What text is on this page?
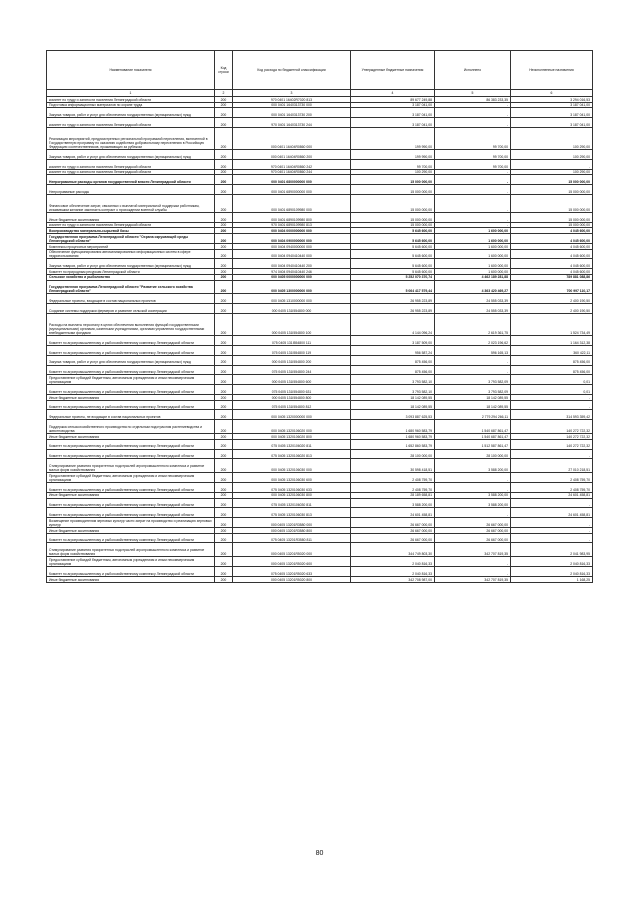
Наименование показателя	Код строки	Код расхода по бюджетной классификации	Утвержденные бюджетные назначения	Исполнено	Неисполненные назначения
1	2	3	4	5	6
комитет по труду и занятости населения Ленинградской области	200	970 0401 16402R7020 813	89 677 249,88	86 383 233,35	3 294 016,53
Подготовка информационных материалов по охране труда	200	000 0401 1640313730 000	3 187 041,00	-	3 187 041,00
Закупка товаров, работ и услуг для обеспечения государственных (муниципальных) нужд	200	000 0401 1640313730 200	3 187 041,00	-	3 187 041,00
комитет по труду и занятости населения Ленинградской области	200	970 0401 1640313730 244	3 187 041,00	-	3 187 041,00
Реализация мероприятий, предусмотренных региональной программой переселения, включенной в Государственную программу по оказанию содействия добровольному переселению в Российскую Федерацию соотечественников, проживающих за рубежом	200	000 0401 16404R0860 000	199 990,00	99 700,00	100 290,00
Закупка товаров, работ и услуг для обеспечения государственных (муниципальных) нужд	200	000 0401 16404R0860 200	199 990,00	99 700,00	100 290,00
комитет по труду и занятости населения Ленинградской области	200	970 0401 16404R0860 242	99 700,00	99 700,00	-
комитет по труду и занятости населения Ленинградской области	200	970 0401 16404R0860 244	100 290,00	-	100 290,00
Непрограммные расходы органов государственной власти Ленинградской области	200	000 0401 6800000000 000	15 000 000,00	-	15 000 000,00
Непрограммные расходы	200	000 0401 6890000000 000	15 000 000,00	-	15 000 000,00
Финансовое обеспечение затрат, связанных с выплатой материальной поддержки работникам, изъявившим желание заключить контракт о прохождении военной службы	200	000 0401 6890109980 000	15 000 000,00	-	15 000 000,00
Иные бюджетные ассигнования	200	000 0401 6890109980 800	15 000 000,00	-	15 000 000,00
комитет по труду и занятости населения Ленинградской области	200	970 0401 6890109980 813	15 000 000,00	-	15 000 000,00
Воспроизводство минерально-сырьевой базы	200	000 0404 0000000000 000	5 645 600,00	1 600 000,00	4 045 600,00
Государственная программа Ленинградской области "Охрана окружающей среды Ленинградской области"	200	000 0404 0900000000 000	5 645 600,00	1 600 000,00	4 045 600,00
Комплексы процессных мероприятий	200	000 0404 0940000000 000	5 645 600,00	1 600 000,00	4 045 600,00
Обеспечение функционирования автоматизированных информационных систем в сфере недропользования	200	000 0404 0940410440 000	5 645 600,00	1 600 000,00	4 045 600,00
Закупка товаров, работ и услуг для обеспечения государственных (муниципальных) нужд	200	000 0404 0940410440 200	5 645 600,00	1 600 000,00	4 045 600,00
Комитет по природным ресурсам Ленинградской области	200	974 0404 0940410440 246	5 645 600,00	1 600 000,00	4 045 600,00
Сельское хозяйство и рыболовство	200	000 0405 0000000000 000	5 252 070 370,74	4 462 189 281,88	789 881 088,86
Государственная программа Ленинградской области "Развитие сельского хозяйства Ленинградской области"	200	000 0405 1300000000 000	5 064 417 579,44	4 363 420 469,27	700 997 110,17
Федеральные проекты, входящие в состав национальных проектов	200	000 0405 1310000000 000	26 955 223,89	24 555 033,39	2 400 190,50
Создание системы поддержки фермеров и развитие сельской кооперации	200	000 0405 131I554800 000	26 955 223,89	24 555 033,39	2 400 190,50
Расходы на выплаты персоналу в целях обеспечения выполнения функций государственными (муниципальными) органами, казенными учреждениями, органами управления государственными внебюджетными фондами	200	000 0405 131I554800 100	4 144 096,24	2 619 361,75	1 524 734,49
Комитет по агропромышленному и рыбохозяйственному комплексу Ленинградской области	200	075 0405 131I554800 111	3 187 509,00	2 023 196,62	1 164 312,38
Комитет по агропромышленному и рыбохозяйственному комплексу Ленинградской области	200	075 0405 131I554800 119	956 587,24	596 165,13	360 422,11
Закупка товаров, работ и услуг для обеспечения государственных (муниципальных) нужд	200	000 0405 131I554800 200	875 456,00	-	875 456,00
Комитет по агропромышленному и рыбохозяйственному комплексу Ленинградской области	200	075 0405 131I554800 244	875 456,00	-	875 456,00
Предоставление субсидий бюджетным, автономным учреждениям и иным некоммерческим организациям	200	000 0405 131I554800 600	3 793 582,10	3 793 582,09	0,01
Комитет по агропромышленному и рыбохозяйственному комплексу Ленинградской области	200	075 0405 131I554800 631	3 793 582,10	3 793 582,09	0,01
Иные бюджетные ассигнования	200	000 0405 131I554800 800	18 142 089,55	18 142 089,55	-
Комитет по агропромышленному и рыбохозяйственному комплексу Ленинградской области	200	075 0405 131I554800 812	18 142 089,55	18 142 089,55	-
Федеральные проекты, не входящие в состав национальных проектов	200	000 0405 1320000000 000	3 093 887 625,53	2 779 294 266,11	314 593 359,42
Поддержка сельскохозяйственного производства по отдельным подотраслям растениеводства и животноводства	200	000 0405 1320106020 000	1 680 960 583,79	1 540 687 861,47	140 272 722,32
Иные бюджетные ассигнования	200	000 0405 1320106020 800	1 680 960 583,79	1 540 687 861,47	140 272 722,32
Комитет по агропромышленному и рыбохозяйственному комплексу Ленинградской области	200	075 0405 1320106020 811	1 652 860 583,79	1 512 587 861,47	140 272 722,32
Комитет по агропромышленному и рыбохозяйственному комплексу Ленинградской области	200	075 0405 1320106020 813	28 100 000,00	28 100 000,00	-
Стимулирование развития приоритетных подотраслей агропромышленного комплекса и развитие малых форм хозяйствования	200	000 0405 1320106030 000	30 598 418,51	3 588 200,00	27 010 218,51
Предоставление субсидий бюджетным, автономным учреждениям и иным некоммерческим организациям	200	000 0405 1320106030 600	2 408 759,70	-	2 408 759,70
Комитет по агропромышленному и рыбохозяйственному комплексу Ленинградской области	200	075 0405 1320106030 633	2 408 759,70	-	2 408 759,70
Иные бюджетные ассигнования	200	000 0405 1320106030 800	28 189 658,81	3 588 200,00	24 601 458,81
Комитет по агропромышленному и рыбохозяйственному комплексу Ленинградской области	200	075 0405 1320106030 811	3 588 200,00	3 588 200,00	-
Комитет по агропромышленному и рыбохозяйственному комплексу Ленинградской области	200	075 0405 1320106030 813	24 601 458,81	-	24 601 458,81
Возмещение производителям зерновых культур части затрат на производство и реализацию зерновых культур	200	000 0405 13201R3580 000	26 667 000,00	26 667 000,00	-
Иные бюджетные ассигнования	200	000 0405 13201R3580 800	26 667 000,00	26 667 000,00	-
Комитет по агропромышленному и рыбохозяйственному комплексу Ленинградской области	200	075 0405 13201R3580 811	26 667 000,00	26 667 000,00	-
Стимулирование развития приоритетных подотраслей агропромышленного комплекса и развитие малых форм хозяйствования	200	000 0405 13201R5020 000	344 749 803,30	342 707 819,35	2 041 983,95
Предоставление субсидий бюджетным, автономным учреждениям и иным некоммерческим организациям	200	000 0405 13201R5020 600	2 040 816,33	-	2 040 816,33
Комитет по агропромышленному и рыбохозяйственному комплексу Ленинградской области	200	075 0405 13201R5020 633	2 040 816,33	-	2 040 816,33
Иные бюджетные ассигнования	200	000 0405 13201R5020 800	342 708 987,00	342 707 819,35	1 168,25
80
